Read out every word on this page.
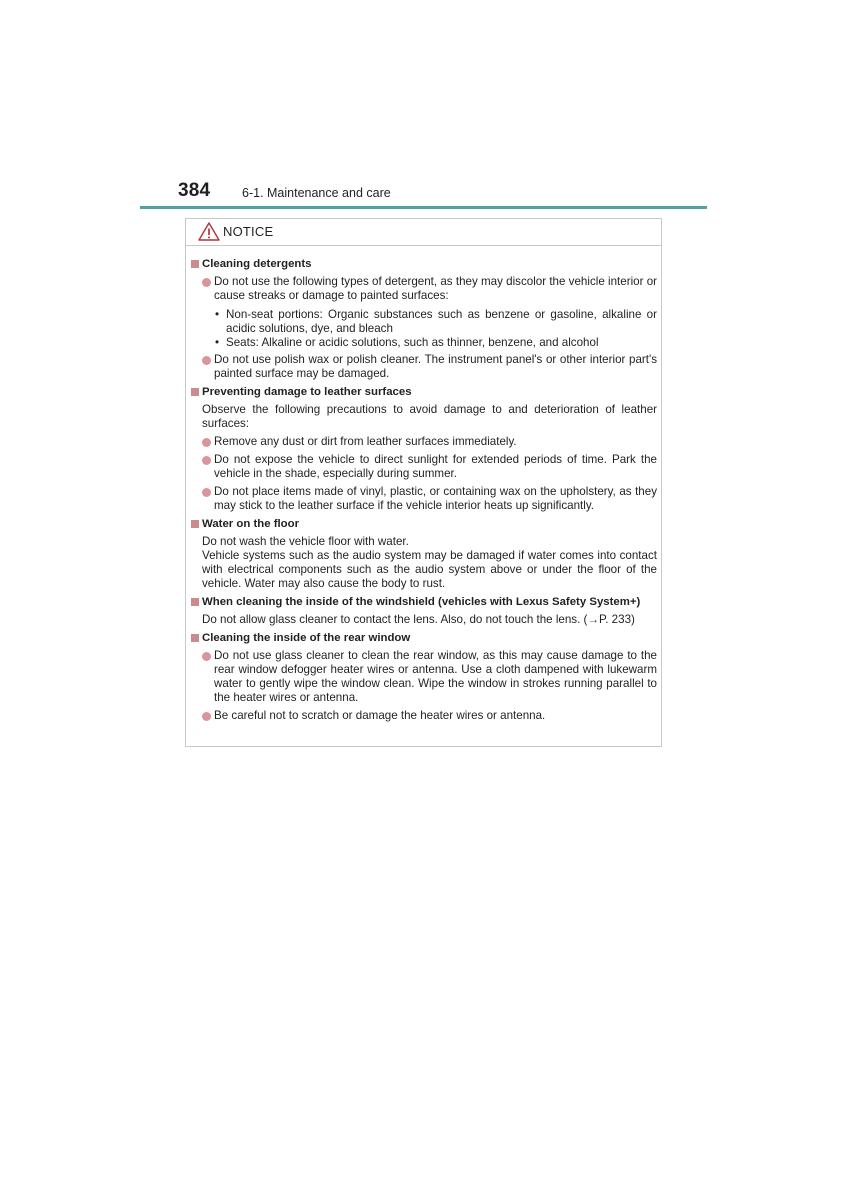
384	6-1. Maintenance and care
NOTICE
Cleaning detergents
Do not use the following types of detergent, as they may discolor the vehicle interior or cause streaks or damage to painted surfaces:
• Non-seat portions: Organic substances such as benzene or gasoline, alkaline or acidic solutions, dye, and bleach
• Seats: Alkaline or acidic solutions, such as thinner, benzene, and alcohol
Do not use polish wax or polish cleaner. The instrument panel's or other interior part's painted surface may be damaged.
Preventing damage to leather surfaces
Observe the following precautions to avoid damage to and deterioration of leather surfaces:
Remove any dust or dirt from leather surfaces immediately.
Do not expose the vehicle to direct sunlight for extended periods of time. Park the vehicle in the shade, especially during summer.
Do not place items made of vinyl, plastic, or containing wax on the upholstery, as they may stick to the leather surface if the vehicle interior heats up significantly.
Water on the floor
Do not wash the vehicle floor with water.
Vehicle systems such as the audio system may be damaged if water comes into contact with electrical components such as the audio system above or under the floor of the vehicle. Water may also cause the body to rust.
When cleaning the inside of the windshield (vehicles with Lexus Safety System+)
Do not allow glass cleaner to contact the lens. Also, do not touch the lens. (→P. 233)
Cleaning the inside of the rear window
Do not use glass cleaner to clean the rear window, as this may cause damage to the rear window defogger heater wires or antenna. Use a cloth dampened with lukewarm water to gently wipe the window clean. Wipe the window in strokes running parallel to the heater wires or antenna.
Be careful not to scratch or damage the heater wires or antenna.
